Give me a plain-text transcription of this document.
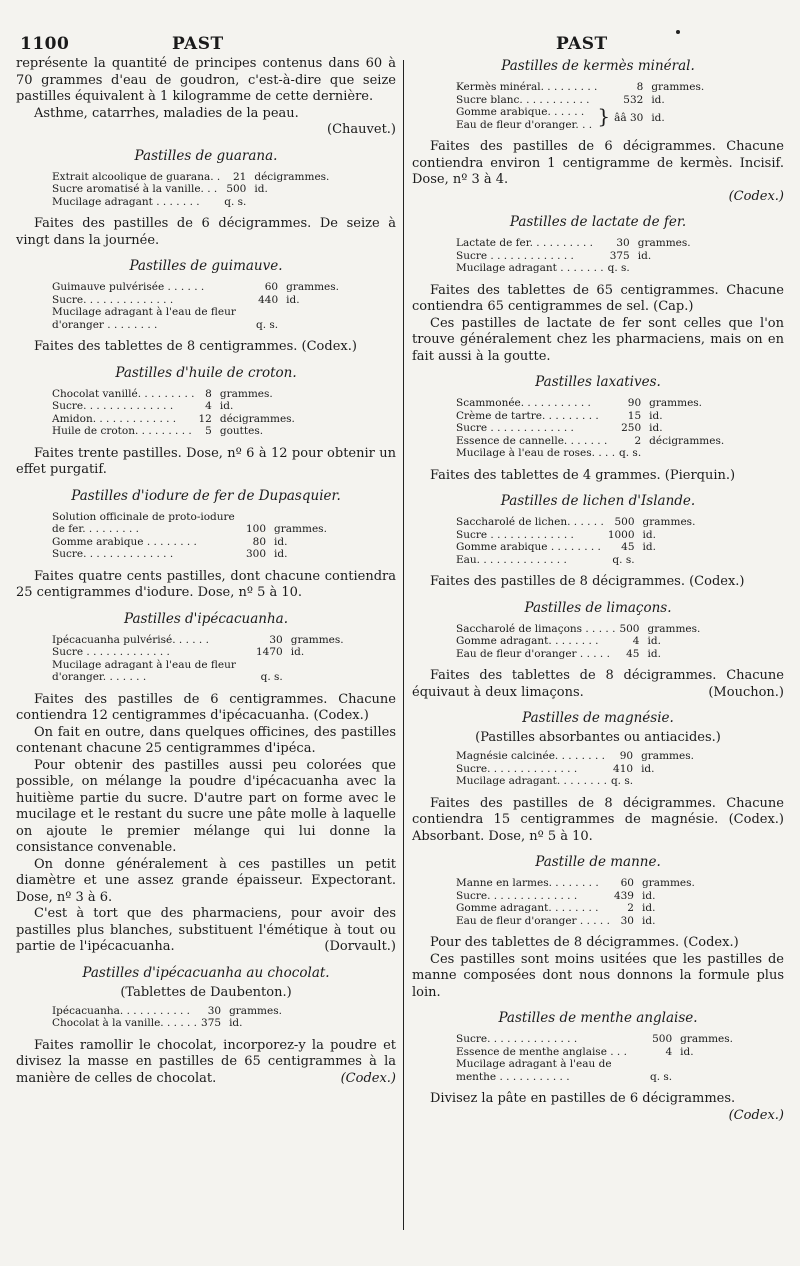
1100	PAST	PAST

représente la quantité de principes contenus dans 60 à 70 grammes d'eau de goudron, c'est-à-dire que seize pastilles équivalent à 1 kilogramme de cette dernière.

Asthme, catarrhes, maladies de la peau.

(Chauvet.)

Pastilles de guarana.
Extrait alcoolique de guarana. .	21	décigrammes.
Sucre aromatisé à la vanille. . .	500	id.
Mucilage adragant . . . . . . .	q. s.	

Faites des pastilles de 6 décigrammes. De seize à vingt dans la journée.

Pastilles de guimauve.
Guimauve pulvérisée . . . . . .	60	grammes.
Sucre. . . . . . . . . . . . . .	440	id.
Mucilage adragant à l'eau de fleur d'oranger . . . . . . . .	q. s.	

Faites des tablettes de 8 centigrammes. (Codex.)

Pastilles d'huile de croton.
Chocolat vanillé. . . . . . . . .	8	grammes.
Sucre. . . . . . . . . . . . . .	4	id.
Amidon. . . . . . . . . . . . .	12	décigrammes.
Huile de croton. . . . . . . . .	5	gouttes.

Faites trente pastilles. Dose, nº 6 à 12 pour obtenir un effet purgatif.

Pastilles d'iodure de fer de Dupasquier.
Solution officinale de proto-iodure de fer. . . . . . . . .	100	grammes.
Gomme arabique . . . . . . . .	80	id.
Sucre. . . . . . . . . . . . . .	300	id.

Faites quatre cents pastilles, dont chacune contiendra 25 centigrammes d'iodure. Dose, nº 5 à 10.

Pastilles d'ipécacuanha.
Ipécacuanha pulvérisé. . . . . .	30	grammes.
Sucre . . . . . . . . . . . . .	1470	id.
Mucilage adragant à l'eau de fleur d'oranger. . . . . . .	q. s.	

Faites des pastilles de 6 centigrammes. Chacune contiendra 12 centigrammes d'ipécacuanha. (Codex.)

On fait en outre, dans quelques officines, des pastilles contenant chacune 25 centigrammes d'ipéca.

Pour obtenir des pastilles aussi peu colorées que possible, on mélange la poudre d'ipécacuanha avec la huitième partie du sucre. D'autre part on forme avec le mucilage et le restant du sucre une pâte molle à laquelle on ajoute le premier mélange qui lui donne la consistance convenable.

On donne généralement à ces pastilles un petit diamètre et une assez grande épaisseur. Expectorant. Dose, nº 3 à 6.

C'est à tort que des pharmaciens, pour avoir des pastilles plus blanches, substituent l'émétique à tout ou partie de l'ipécacuanha.	(Dorvault.)

Pastilles d'ipécacuanha au chocolat.
(Tablettes de Daubenton.)
Ipécacuanha. . . . . . . . . . .	30	grammes.
Chocolat à la vanille. . . . . .	375	id.

Faites ramollir le chocolat, incorporez-y la poudre et divisez la masse en pastilles de 65 centigrammes à la manière de celles de chocolat.	(Codex.)

Pastilles de kermès minéral.
Kermès minéral. . . . . . . . .	8		grammes.
Sucre blanc. . . . . . . . . . .	532		id.
Gomme arabique. . . . . .	}	ââ 30	id.
Eau de fleur d'oranger. . .			

Faites des pastilles de 6 décigrammes. Chacune contiendra environ 1 centigramme de kermès. Incisif. Dose, nº 3 à 4.

(Codex.)

Pastilles de lactate de fer.
Lactate de fer. . . . . . . . . .	30	grammes.
Sucre . . . . . . . . . . . . .	375	id.
Mucilage adragant . . . . . . .	q. s.	

Faites des tablettes de 65 centigrammes. Chacune contiendra 65 centigrammes de sel. (Cap.)

Ces pastilles de lactate de fer sont celles que l'on trouve généralement chez les pharmaciens, mais on en fait aussi à la goutte.

Pastilles laxatives.
Scammonée. . . . . . . . . . .	90	grammes.
Crème de tartre. . . . . . . . .	15	id.
Sucre . . . . . . . . . . . . .	250	id.
Essence de cannelle. . . . . . .	2	décigrammes.
Mucilage à l'eau de roses. . . .	q. s.	

Faites des tablettes de 4 grammes. (Pierquin.)

Pastilles de lichen d'Islande.
Saccharolé de lichen. . . . . .	500	grammes.
Sucre . . . . . . . . . . . . .	1000	id.
Gomme arabique . . . . . . . .	45	id.
Eau. . . . . . . . . . . . . .	q. s.	

Faites des pastilles de 8 décigrammes. (Codex.)

Pastilles de limaçons.
Saccharolé de limaçons . . . . .	500	grammes.
Gomme adragant. . . . . . . .	4	id.
Eau de fleur d'oranger . . . . .	45	id.

Faites des tablettes de 8 décigrammes. Chacune équivaut à deux limaçons.	(Mouchon.)

Pastilles de magnésie.
(Pastilles absorbantes ou antiacides.)
Magnésie calcinée. . . . . . . .	90	grammes.
Sucre. . . . . . . . . . . . . .	410	id.
Mucilage adragant. . . . . . . .	q. s.	

Faites des pastilles de 8 décigrammes. Chacune contiendra 15 centigrammes de magnésie. (Codex.) Absorbant. Dose, nº 5 à 10.

Pastille de manne.
Manne en larmes. . . . . . . .	60	grammes.
Sucre. . . . . . . . . . . . . .	439	id.
Gomme adragant. . . . . . . .	2	id.
Eau de fleur d'oranger . . . . .	30	id.

Pour des tablettes de 8 décigrammes. (Codex.)

Ces pastilles sont moins usitées que les pastilles de manne composées dont nous donnons la formule plus loin.

Pastilles de menthe anglaise.
Sucre. . . . . . . . . . . . . .	500	grammes.
Essence de menthe anglaise . . .	4	id.
Mucilage adragant à l'eau de menthe . . . . . . . . . . .	q. s.	

Divisez la pâte en pastilles de 6 décigrammes.

(Codex.)
